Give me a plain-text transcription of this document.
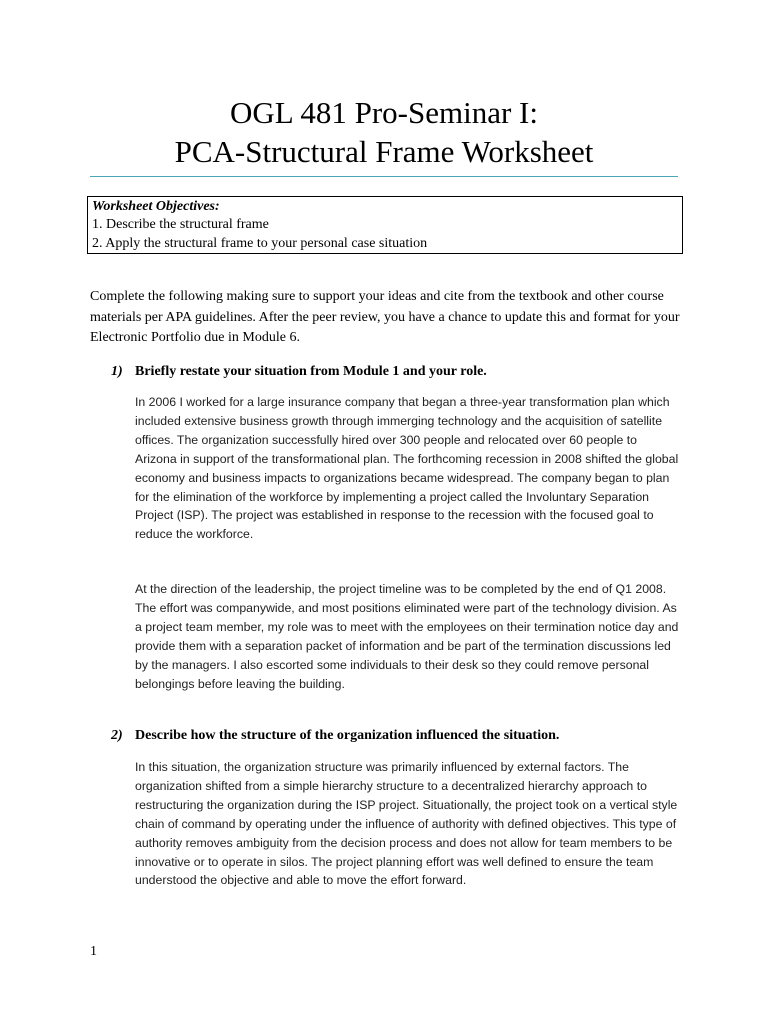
OGL 481 Pro-Seminar I:
PCA-Structural Frame Worksheet
Worksheet Objectives:
1. Describe the structural frame
2. Apply the structural frame to your personal case situation

Complete the following making sure to support your ideas and cite from the textbook and other course materials per APA guidelines. After the peer review, you have a chance to update this and format for your Electronic Portfolio due in Module 6.

1) Briefly restate your situation from Module 1 and your role.

In 2006 I worked for a large insurance company that began a three-year transformation plan which included extensive business growth through immerging technology and the acquisition of satellite offices. The organization successfully hired over 300 people and relocated over 60 people to Arizona in support of the transformational plan. The forthcoming recession in 2008 shifted the global economy and business impacts to organizations became widespread. The company began to plan for the elimination of the workforce by implementing a project called the Involuntary Separation Project (ISP). The project was established in response to the recession with the focused goal to reduce the workforce.

At the direction of the leadership, the project timeline was to be completed by the end of Q1 2008. The effort was companywide, and most positions eliminated were part of the technology division. As a project team member, my role was to meet with the employees on their termination notice day and provide them with a separation packet of information and be part of the termination discussions led by the managers. I also escorted some individuals to their desk so they could remove personal belongings before leaving the building.

2) Describe how the structure of the organization influenced the situation.

In this situation, the organization structure was primarily influenced by external factors. The organization shifted from a simple hierarchy structure to a decentralized hierarchy approach to restructuring the organization during the ISP project. Situationally, the project took on a vertical style chain of command by operating under the influence of authority with defined objectives. This type of authority removes ambiguity from the decision process and does not allow for team members to be innovative or to operate in silos. The project planning effort was well defined to ensure the team understood the objective and able to move the effort forward.

1
